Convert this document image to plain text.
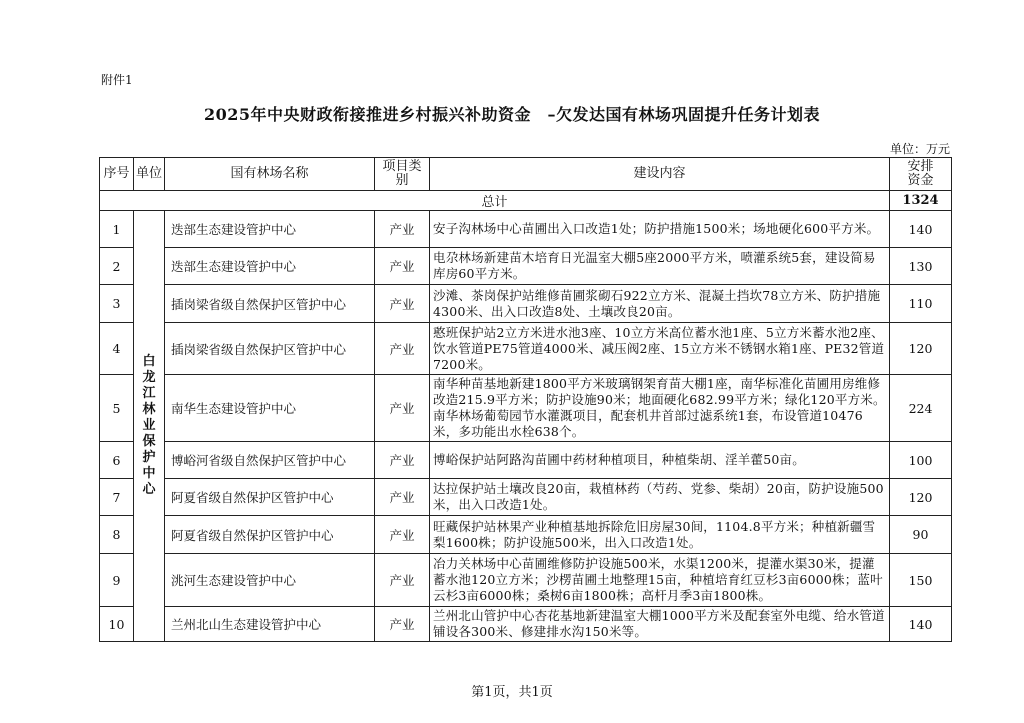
附件1
2025年中央财政衔接推进乡村振兴补助资金　–欠发达国有林场巩固提升任务计划表
单位：万元
序号	单位	国有林场名称	项目类别	建设内容	安排资金
总计					1324
1	白龙江林业保护中心	迭部生态建设管护中心	产业	安子沟林场中心苗圃出入口改造1处；防护措施1500米；场地硬化600平方米。	140
2		迭部生态建设管护中心	产业	电尕林场新建苗木培育日光温室大棚5座2000平方米，喷灌系统5套，建设简易库房60平方米。	130
3		插岗梁省级自然保护区管护中心	产业	沙滩、茶岗保护站维修苗圃浆砌石922立方米、混凝土挡坎78立方米、防护措施4300米、出入口改造8处、土壤改良20亩。	110
4		插岗梁省级自然保护区管护中心	产业	憨班保护站2立方米进水池3座、10立方米高位蓄水池1座、5立方米蓄水池2座、饮水管道PE75管道4000米、减压阀2座、15立方米不锈钢水箱1座、PE32管道7200米。	120
5		南华生态建设管护中心	产业	南华种苗基地新建1800平方米玻璃钢架育苗大棚1座，南华标准化苗圃用房维修改造215.9平方米；防护设施90米；地面硬化682.99平方米；绿化120平方米。南华林场葡萄园节水灌溉项目，配套机井首部过滤系统1套，布设管道10476米，多功能出水栓638个。	224
6		博峪河省级自然保护区管护中心	产业	博峪保护站阿路沟苗圃中药材种植项目，种植柴胡、淫羊藿50亩。	100
7		阿夏省级自然保护区管护中心	产业	达拉保护站土壤改良20亩，栽植林药（芍药、党参、柴胡）20亩，防护设施500米，出入口改造1处。	120
8		阿夏省级自然保护区管护中心	产业	旺藏保护站林果产业种植基地拆除危旧房屋30间，1104.8平方米；种植新疆雪梨1600株；防护设施500米，出入口改造1处。	90
9		洮河生态建设管护中心	产业	冶力关林场中心苗圃维修防护设施500米，水渠1200米，提灌水渠30米，提灌蓄水池120立方米；沙楞苗圃土地整理15亩，种植培育红豆杉3亩6000株；蓝叶云杉3亩6000株；桑树6亩1800株；高杆月季3亩1800株。	150
10		兰州北山生态建设管护中心	产业	兰州北山管护中心杏花基地新建温室大棚1000平方米及配套室外电缆、给水管道铺设各300米、修建排水沟150米等。	140
第1页，共1页
